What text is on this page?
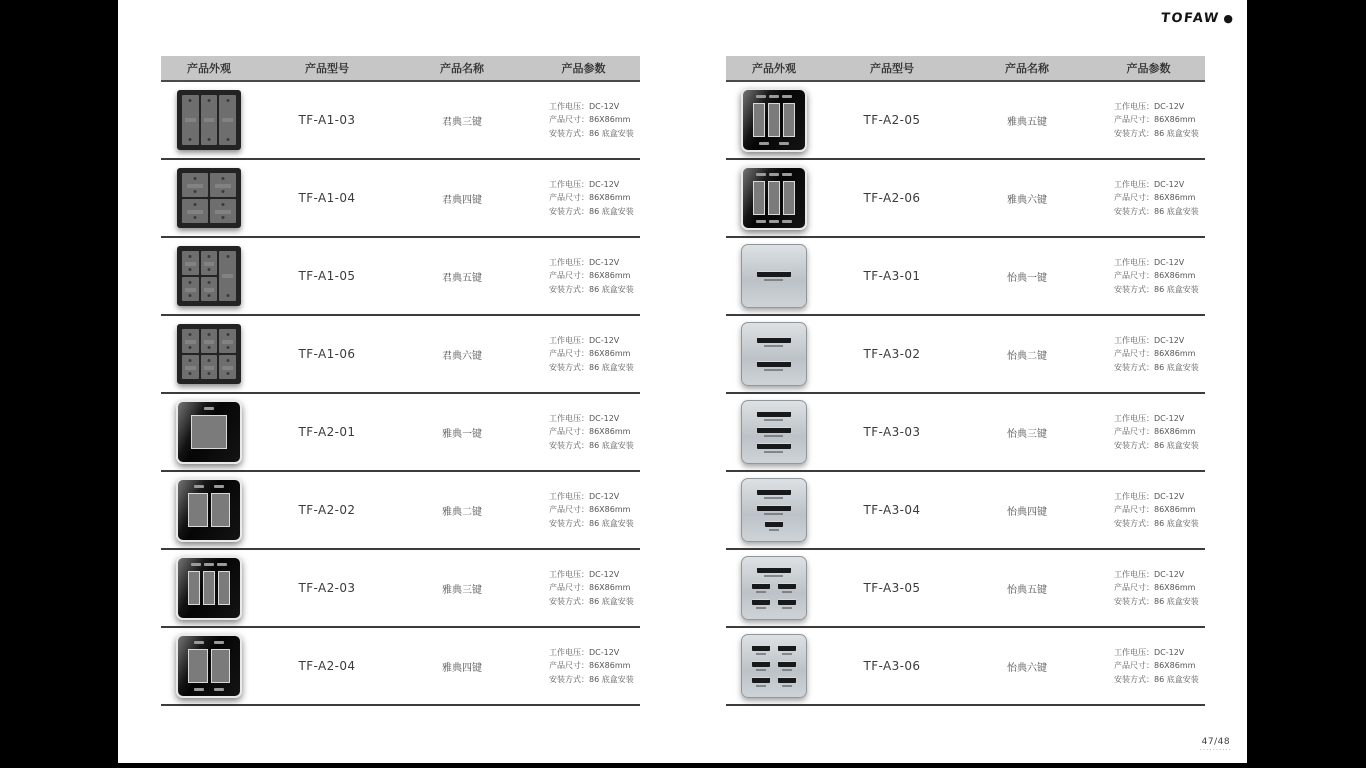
TOFAW ●
产品外观	产品型号	产品名称	产品参数
TF-A1-03	君典三键
工作电压：DC-12V
产品尺寸：86X86mm
安装方式：86 底盒安装
TF-A1-04	君典四键
工作电压：DC-12V
产品尺寸：86X86mm
安装方式：86 底盒安装
TF-A1-05	君典五键
工作电压：DC-12V
产品尺寸：86X86mm
安装方式：86 底盒安装
TF-A1-06	君典六键
工作电压：DC-12V
产品尺寸：86X86mm
安装方式：86 底盒安装
TF-A2-01	雅典一键
工作电压：DC-12V
产品尺寸：86X86mm
安装方式：86 底盒安装
TF-A2-02	雅典二键
工作电压：DC-12V
产品尺寸：86X86mm
安装方式：86 底盒安装
TF-A2-03	雅典三键
工作电压：DC-12V
产品尺寸：86X86mm
安装方式：86 底盒安装
TF-A2-04	雅典四键
工作电压：DC-12V
产品尺寸：86X86mm
安装方式：86 底盒安装
产品外观	产品型号	产品名称	产品参数
TF-A2-05	雅典五键
工作电压：DC-12V
产品尺寸：86X86mm
安装方式：86 底盒安装
TF-A2-06	雅典六键
工作电压：DC-12V
产品尺寸：86X86mm
安装方式：86 底盒安装
TF-A3-01	怡典一键
工作电压：DC-12V
产品尺寸：86X86mm
安装方式：86 底盒安装
TF-A3-02	怡典二键
工作电压：DC-12V
产品尺寸：86X86mm
安装方式：86 底盒安装
TF-A3-03	怡典三键
工作电压：DC-12V
产品尺寸：86X86mm
安装方式：86 底盒安装
TF-A3-04	怡典四键
工作电压：DC-12V
产品尺寸：86X86mm
安装方式：86 底盒安装
TF-A3-05	怡典五键
工作电压：DC-12V
产品尺寸：86X86mm
安装方式：86 底盒安装
TF-A3-06	怡典六键
工作电压：DC-12V
产品尺寸：86X86mm
安装方式：86 底盒安装
47/48
··········
